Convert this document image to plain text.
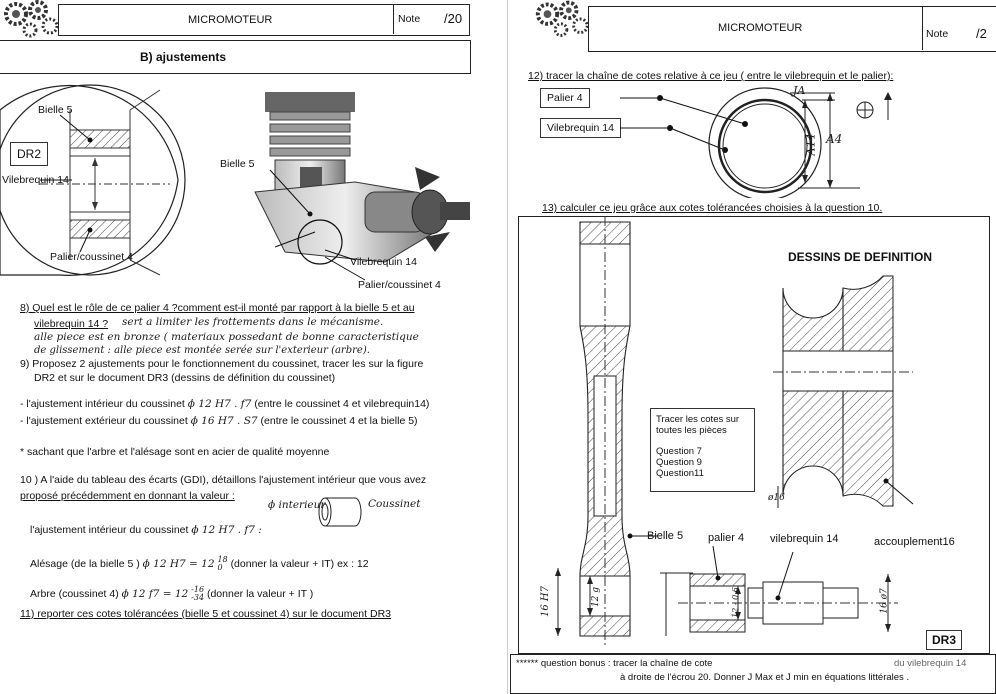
MICROMOTEUR	Note /20
B) ajustements
Bielle 5
DR2
Vilebrequin 14
Palier/coussinet 4
Bielle 5
Vilebrequin 14
Palier/coussinet 4
8) Quel est le rôle de ce palier 4 ?comment est-il monté par rapport à la bielle 5 et au
vilebrequin 14 ? sert a limiter les frottements dans le mécanisme.
alle piece est en bronze ( materiaux possedant de bonne caracteristique
de glissement : alle piece est montée serée sur l'exterieur (arbre).
9) Proposez 2 ajustements pour le fonctionnement du coussinet, tracer les sur la figure
DR2 et sur le document DR3 (dessins de définition du coussinet)
- l'ajustement intérieur du coussinet ϕ 12 H7 . f7 (entre le coussinet 4 et vilebrequin14)
- l'ajustement extérieur du coussinet ϕ 16 H7 . S7 (entre le coussinet 4 et la bielle 5)
* sachant que l'arbre et l'alésage sont en acier de qualité moyenne
10 ) A l'aide du tableau des écarts (GDI), détaillons l'ajustement intérieur que vous avez
proposé précédemment en donnant la valeur :
ϕ interieur	Coussinet
l'ajustement intérieur du coussinet ϕ 12 H7 . f7 :
Alésage (de la bielle 5 ) ϕ 12 H7 = 12 18
0 (donner la valeur + IT) ex : 12
Arbre (coussinet 4) ϕ 12 f7 = 12 -16
-34 (donner la valeur + IT )
11) reporter ces cotes tolérancées (bielle 5 et coussinet 4) sur le document DR3
MICROMOTEUR	Note /2
12) tracer la chaîne de cotes relative à ce jeu ( entre le vilebrequin et le palier):
Palier 4
Vilebrequin 14
JA
A14 A4
13) calculer ce jeu grâce aux cotes tolérancées choisies à la question 10.
DESSINS DE DEFINITION
Tracer les cotes sur
toutes les pièces
Question 7
Question 9
Question11
Bielle 5 palier 4 vilebrequin 14	accouplement16
ø16
16 H7	12 g	12 - 0,6	16 ø7
DR3
****** question bonus : tracer la chaîne de cote	du vilebrequin 14
à droite de l'écrou 20. Donner J Max et J min en équations littérales .
